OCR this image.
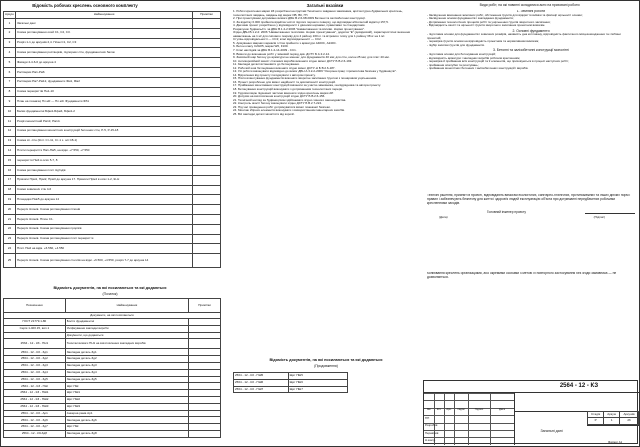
Відомість робочих креслень основного комплекту
Аркуш	Найменування	Примітки
1	Загальні дані	
2	Схема розташування осей С1, С2, С3.	
3	Розріз 1-1 до аркушів 2,4. План С1, С2, С3	
4	Схема розташування ростверків, підпорних стін, фундаментних балок	
5	Фасади 4-4-6-6 до аркуша 4	
6	Ростверки Рм1-Рм6	
7	Ростверки Рм7-Рм12, фундаменти Фм1, Фм2	
8	Схема перекриттів Пн1-10	
9	План на позначці Пл.м0 — Пл.м0. Фундаменти Фб1	
10	Балки фундаментні Бфм1-Бфм4, Бфм1-2	
11	Розріз монолітний Рм13, Рм14.	
12	Схема розташування монолітних конструкцій бетонних стін, Р-5, Р-15-18	
13	Схема сп. стін (Кілт. Ст-11, Ст-1 з. осі С8-1)	
14	Плити перекриття Пм1-Пм5, на відм. +7.550, +7.550	
15	перекриття Пм4 в осях 5-7, 8	
16	Схема розташування плит під'їздів	
17	Прикопи Прм1, Прм2, Прм3 до аркуша 17. Прикопи Прм4 в осях 1-2, Ж-Н	
18	Схеми зовнішніх стін 4-6	
19	Площадки Пмк5 до аркуша 14	
20	Переріз пілонів. Схема розташування пілонів	
21	Переріз пілонів. Пілон С1.	
22	Переріз пілонів. Схема розташування прорізів	
23	Переріз пілонів. Схема розташування плит перекриття	
24	Плит. Пм2 на відм. +6.560, +4.550	
25	Переріз пілонів. Схема розташування стеллів на відм. +6.500, +4.550, розріз 7-7 до аркуша 14	
Відомість документів, на які посилаються та які додаються
(Початок)
Позначення	Найменування	Примітки
Документи, на які посилаються		
ГОСТ 21779.1-80	Болти фундаментні	
Серія 1-400.15, вип.1	Уніфікування закладні вироби	
	Документи, що додаються	
2564 - 12 - КЗ - ПН1	Технічні вимоги ПН1 на виготовлення закладних виробів	
2564 - 12 - КЗ - Зд1	Закладна деталь Зд1	
2564 - 12 - КЗ - Зд2	Закладна деталь Зд2	
2564 - 12 - КЗ - Зд3	Закладна деталь Зд3	
2564 - 12 - КЗ - Зд4	Закладна деталь Зд4	
2564 - 12 - КЗ - Зд5	Закладна деталь Зд5	
2564 - 12 - КЗ - ПШ	Щит ПШ	
2564 - 12 - КЗ - ПШ1	Щит ПШ1	
2564 - 12 - КЗ - ПШ2	Щит ПШ2	
2564 - 12 - КЗ - ПШ3	Щит ПШ3	
2564 - 12 - КЗ - Ар1	Анкерна рама Ар1	
2564 - 12 - КЗ - Зд6	Закладна деталь Зд6	
2564 - 12 - КЗ - Зд7	Щит ПШ	
2564 - 12 - КЗ-Зд8	Закладна деталь Зд8	
Загальні вказівки

1. Робочі креслення марки КЗ розроблені на підставі Технічного завдання замовника, архітектурно-будівельних креслень, технологічних завдань, завдань від марок ОВ, ВК, ГП.

2. При проектуванні дотримано вимоги ДБН В.2.6-98:2009 Бетонні та залізобетонні конструкції.

3. За відмітку 0.000 прийнята відмітка чистої підлоги першого поверху, що відповідає абсолютній відмітці 157,5.

4. Діючими проект розроблено у відповідності з діючими нормами, правилами та стандартами.

Розрахунок будівель/сп. за ДБН В.1.2-2:2006 "Навантаження та впливи. Норми проектування".

Згідно ДБН В.1.2-2: 2006 "Навантаження та впливи. Норми проектування", додаток "Е" (довідковий), характеристичні значення навантажень на 1 м² для снігового покриву для 4 району 160 кг. та вітрового тиску для 1 району 38 кг на 1 м².

Ступінь відповідальності — CC2; клас відповідальності — CC2.

5. Армування зварних каркасів і сіток прийнято з арматури А400С, А240С.

6. Бетон класу С20/25, марки W6, F100.

7. Клас наслідків за ДБН В.1.2-14-2009 - CC1.

8. Вимоги до виконання робіт у зимовий період див. ДСТУ Б А.3.2-12.

9. Захисний шар бетону до арматури не менше: для фундаментів 40 мм; для стін, колон 25 мм; для плит 20 мм.

10. Антикорозійний захист сталевих виробів виконати згідно вимог ДСТУ Б В.2.6-193.

11. Закладні деталі встановити до бетонування.

12. Робочий шов бетонування виконати згідно вимог ДСТУ-Н Б В.2.6-187.

13. Усі роботи виконувати відповідно до вимог ДБН А.3.2-2-2009 "Охорона праці і промислова безпека у будівництві".

14. Відхилення від проекту погоджувати з автором проекту.

15. Після влаштування фундаментів виконати зворотне засипання ґрунтом з пошаровим ущільненням.

16. Проект розроблено для вимог надійності та довговічності конструкцій.

17. Приймання змонтованих конструкцій виконати за участю замовника, генпідрядника та автора проекту.

18. Бетонування конструкцій виконувати з дотриманням технологічних перерв.

19. Гідроізоляцію підземної частини виконати згідно креслень марки АР.

20. Допуски на виготовлення конструкцій згідно ДСТУ Б В.2.6-156.

21. Технічний нагляд за будівництвом здійснювати згідно чинного законодавства.

22. Контроль якості бетону виконувати згідно ДСТУ Б В.2.7-224.

23. Під час проведення робіт дотримуватися вимог пожежної безпеки.

24. Монтаж збірних елементів виконувати з використанням інвентарних засобів.

25. Всі закладні деталі захистити від корозії.

Відомість документів, на які посилаються та які додаються
(Продовження)
2564 - 12 - КЗ - ПШ5	Щит ПШ5
2564 - 12 - КЗ - ПШ6	Щит ПШ6
2564 - 12 - КЗ - ПШ7	Щит ПШ7
Види робіт, на які повинні складатися акти на приховані роботи:

1. Земляні роботи

- Засвідчення виконання земляних робіт, обстеження ґрунтів для відкриття виїмки та фіксації щільності основи;

- Засвідчення основи фундаментів і закладання фундаментів;

- Дотримання технологічних процесів робіт та ущільнення ґрунтів зворотного засипання;

- Відповідність якості та щільності ґрунтів зворотного засипання проектним вимогам.

2. Основні фундаменти

- підготовка основи для фундаментів і зовнішніх розмірів, наявність дна котловану, відповідність фактичного місцезнаходження та глибини проектній;

- перевірка ґрунтів основи на відповідність проектним та нормативним вимогам;

- підбір засипки ґрунтів для фундаментів.

3. Бетонні та залізобетонні конструкції монолітні

- підготовка основи для бетонування конструкцій;

- відповідність арматури і закладних виробів робочим кресленням;

- перевірка й приймання всіх конструкцій та її елементів, що приховуються в процесі наступних робіт;

- приймання опалубки та риштувань;

- приймання монолітних бетонних і залізобетонних конструкцій і виробів.

Технічні рішення, прийняті в проекті, відповідають вимогам екологічних, санітарно-гігієнічних, протипожежних та інших діючих норм і правил і забезпечують безпечну для життя і здоров'я людей експлуатацію об'єкта при дотриманні передбачених робочими кресленнями заходів.

Головний інженер проекту
(Дата)	(Підпис)

Копіювання креслень організаціями, або окремими особами з метою їх повторного застосування без згоди замовника — не дозволяється.

2564 - 12 - КЗ
Зм.	Кіл.	Арк.	№док	Підпис	Дата
ГІП
Розробив
Перевірив
Н.контр.
Стадія	Аркуш	Аркушів
Р	1	26
Загальні дані
Формат А1
